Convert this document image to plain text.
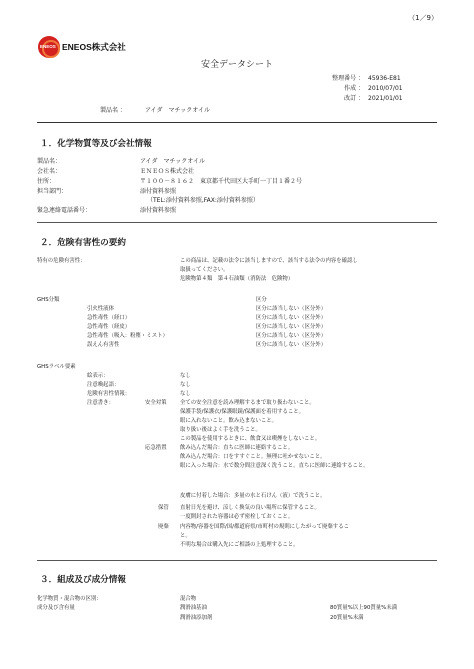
（1／9）
ENEOS ENEOS株式会社
安全データシート
整理番号 ： 45936-E81
作成 ： 2010/07/01
改訂 ： 2021/01/01
製品名 ：	アイダ　マチックオイル
１．化学物質等及び会社情報
製品名：	アイダ　マチックオイル
会社名：	ＥＮＥＯＳ株式会社
住所：	〒１００－８１６２　東京都千代田区大手町一丁目１番２号
担当部門：	添付資料参照
（TEL:添付資料参照,FAX:添付資料参照）
緊急連絡電話番号：	添付資料参照
２．危険有害性の要約
特有の危険有害性：	この商品は、記載の法令に該当しますので、該当する法令の内容を確認し
取扱ってください。
危険物第４類　第４石油類（消防法　危険物）
GHS分類	区分
引火性液体	区分に該当しない（区分外）
急性毒性（経口）	区分に該当しない（区分外）
急性毒性（経皮）	区分に該当しない（区分外）
急性毒性（吸入：粉塵・ミスト）	区分に該当しない（区分外）
誤えん有害性	区分に該当しない（区分外）
GHSラベル要素
絵表示：	なし
注意喚起語：	なし
危険有害性情報：	なし
注意書き：	安全対策 全ての安全注意を読み理解するまで取り扱わないこと。
保護手袋/保護衣/保護眼鏡/保護面を着用すること。
眼に入れないこと。飲み込まないこと。
取り扱い後はよく手を洗うこと。
この製品を使用するときに、飲食又は喫煙をしないこと。
応急措置 飲み込んだ場合：直ちに医師に連絡すること。
飲み込んだ場合：口をすすぐこと。無理に吐かせないこと。
眼に入った場合：水で数分間注意深く洗うこと。直ちに医師に連絡すること。
皮膚に付着した場合：多量の水と石けん（液）で洗うこと。
保管 直射日光を避け、涼しく換気の良い場所に保管すること。
一度開封された容器は必ず密栓しておくこと。
廃棄 内容物/容器を国際/国/都道府県/市町村の規則にしたがって廃棄するこ
と。
不明な場合は購入先にご相談の上処理すること。
３．組成及び成分情報
化学物質・混合物の区別：	混合物
成分及び含有量	潤滑油基油	80質量%以上90質量%未満
潤滑油添加剤	20質量%未満
